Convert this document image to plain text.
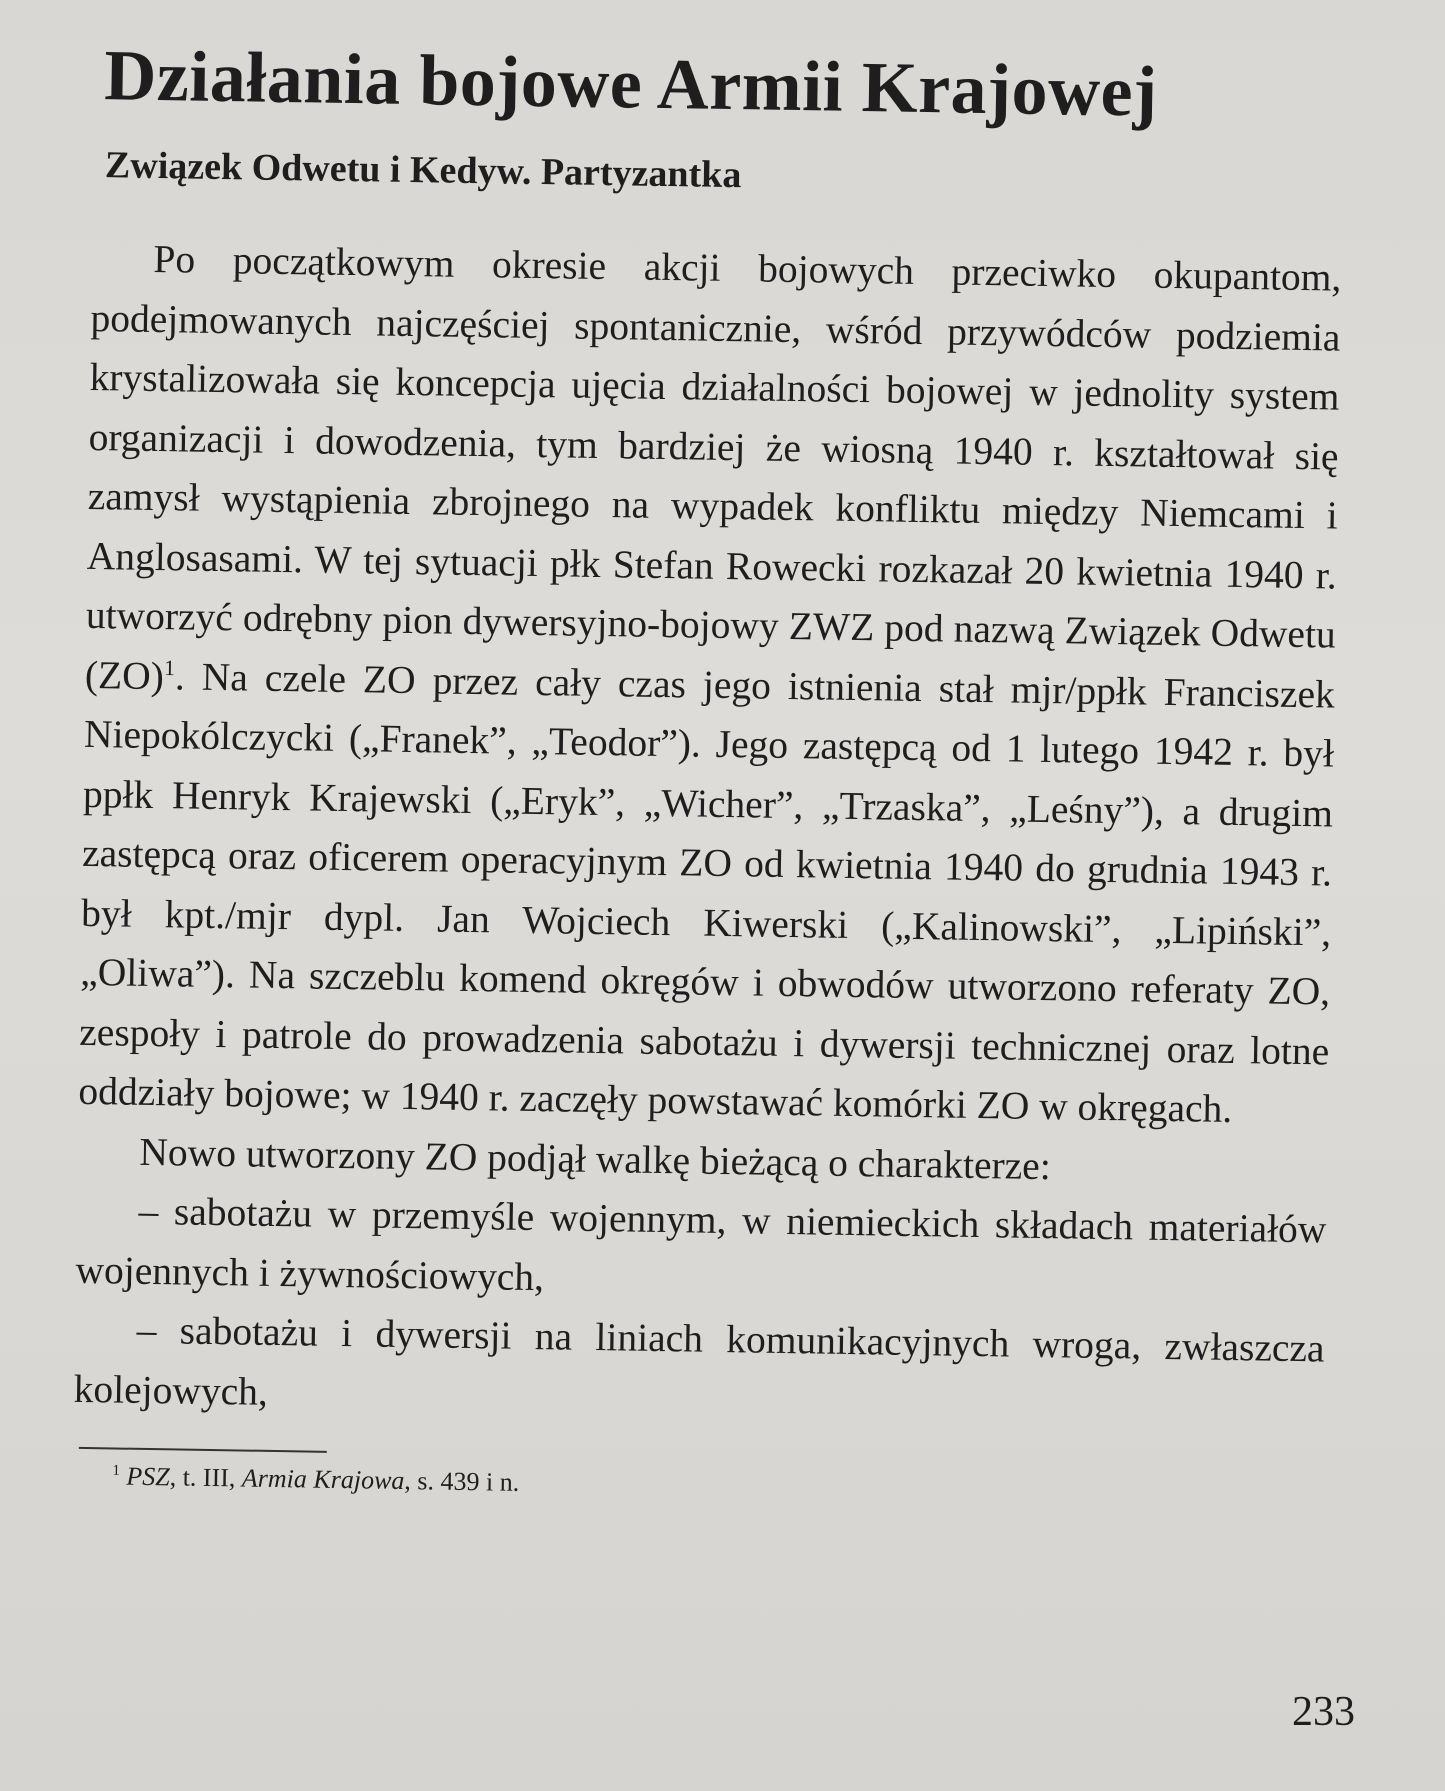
Działania bojowe Armii Krajowej
Związek Odwetu i Kedyw. Partyzantka

Po początkowym okresie akcji bojowych przeciwko okupantom, podejmowanych najczęściej spontanicznie, wśród przywódców podziemia krystalizowała się koncepcja ujęcia działalności bojowej w jednolity system organizacji i dowodzenia, tym bardziej że wiosną 1940 r. kształtował się zamysł wystąpienia zbrojnego na wypadek konfliktu między Niemcami i Anglosasami. W tej sytuacji płk Stefan Rowecki rozkazał 20 kwietnia 1940 r. utworzyć odrębny pion dywersyjno-bojowy ZWZ pod nazwą Związek Odwetu (ZO)$^1$. Na czele ZO przez cały czas jego istnienia stał mjr/ppłk Franciszek Niepokólczycki („Franek”, „Teodor”). Jego zastępcą od 1 lutego 1942 r. był ppłk Henryk Krajewski („Eryk”, „Wicher”, „Trzaska”, „Leśny”), a drugim zastępcą oraz oficerem operacyjnym ZO od kwietnia 1940 do grudnia 1943 r. był kpt./mjr dypl. Jan Wojciech Kiwerski („Kalinowski”, „Lipiński”, „Oliwa”). Na szczeblu komend okręgów i obwodów utworzono referaty ZO, zespoły i patrole do prowadzenia sabotażu i dywersji technicznej oraz lotne oddziały bojowe; w 1940 r. zaczęły powstawać komórki ZO w okręgach.

Nowo utworzony ZO podjął walkę bieżącą o charakterze:

– sabotażu w przemyśle wojennym, w niemieckich składach materiałów wojennych i żywnościowych,

– sabotażu i dywersji na liniach komunikacyjnych wroga, zwłaszcza kolejowych,

$^1$ PSZ, t. III, Armia Krajowa, s. 439 i n.
233
